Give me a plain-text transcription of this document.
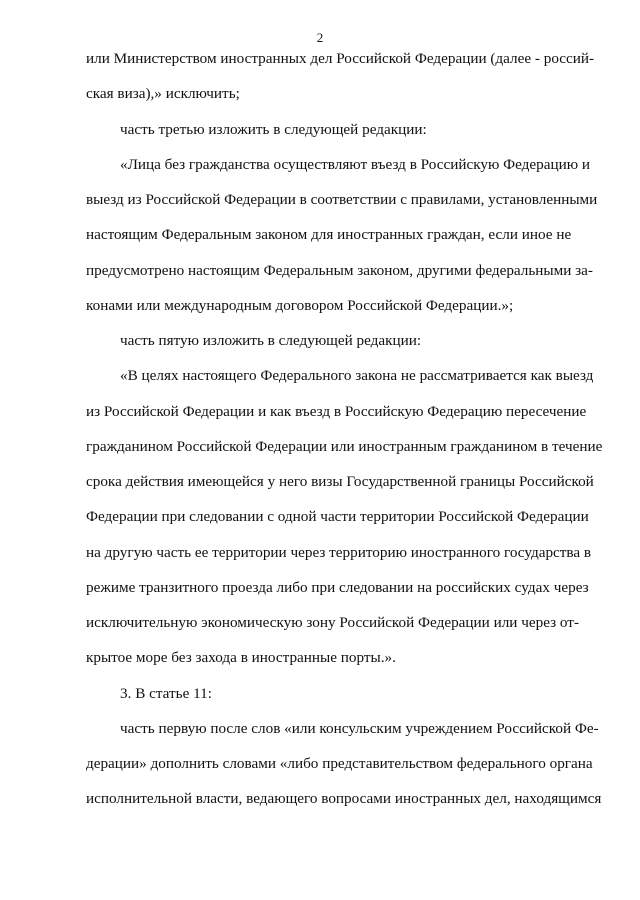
2
или Министерством иностранных дел Российской Федерации (далее - россий-
ская виза),» исключить;
часть третью изложить в следующей редакции:
«Лица без гражданства осуществляют въезд в Российскую Федерацию и
выезд из Российской Федерации в соответствии с правилами, установленными
настоящим Федеральным законом для иностранных граждан, если иное не
предусмотрено настоящим Федеральным законом, другими федеральными за-
конами или международным договором Российской Федерации.»;
часть пятую изложить в следующей редакции:
«В целях настоящего Федерального закона не рассматривается как выезд
из Российской Федерации и как въезд в Российскую Федерацию пересечение
гражданином Российской Федерации или иностранным гражданином в течение
срока действия имеющейся у него визы Государственной границы Российской
Федерации при следовании с одной части территории Российской Федерации
на другую часть ее территории через территорию иностранного государства в
режиме транзитного проезда либо при следовании на российских судах через
исключительную экономическую зону Российской Федерации или через от-
крытое море без захода в иностранные порты.».
3. В статье 11:
часть первую после слов «или консульским учреждением Российской Фе-
дерации» дополнить словами «либо представительством федерального органа
исполнительной власти, ведающего вопросами иностранных дел, находящимся
